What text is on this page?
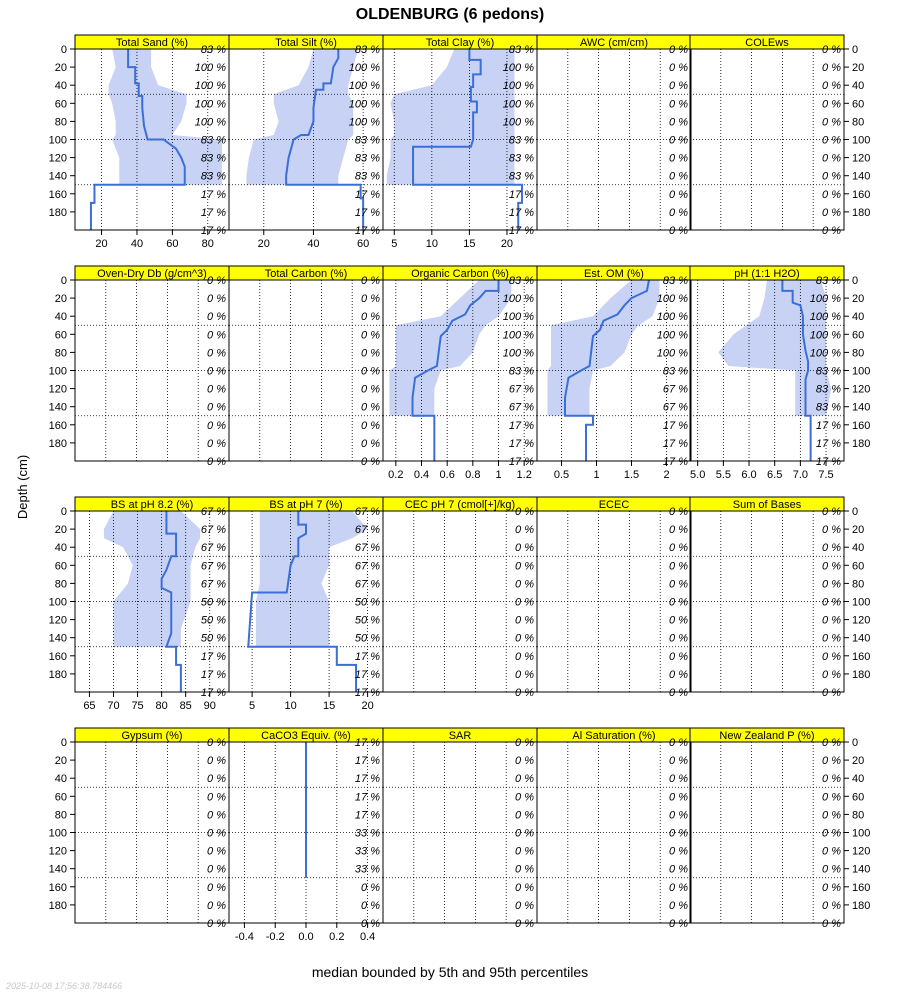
OLDENBURG (6 pedons)
Depth (cm)
Total Sand (%)
83 %
100 %
100 %
100 %
100 %
83 %
83 %
83 %
17 %
17 %
17 %
20 40 60 80
0
20
40
60
80
100
120
140
160
180
Total Silt (%)
83 %
100 %
100 %
100 %
100 %
83 %
83 %
83 %
17 %
17 %
17 %
20	40	60
Total Clay (%)
83 %
100 %
100 %
100 %
100 %
83 %
83 %
83 %
17 %
17 %
17 %
5	10 15 20
AWC (cm/cm)
0 %
0 %
0 %
0 %
0 %
0 %
0 %
0 %
0 %
0 %
0 %
COLEws
0 %
0 %
0 %
0 %
0 %
0 %
0 %
0 %
0 %
0 %
0 %
0
20
40
60
80
100
120
140
160
180
Oven-Dry Db (g/cm^3)
0 %
0 %
0 %
0 %
0 %
0 %
0 %
0 %
0 %
0 %
0 %
0
20
40
60
80
100
120
140
160
180
Total Carbon (%)
0 %
0 %
0 %
0 %
0 %
0 %
0 %
0 %
0 %
0 %
0 %
Organic Carbon (%)
83 %
100 %
100 %
100 %
100 %
83 %
67 %
67 %
17 %
17 %
17 %
0.2 0.4 0.6 0.8 1 1.2
Est. OM (%)
83 %
100 %
100 %
100 %
100 %
83 %
67 %
67 %
17 %
17 %
17 %
0.5 1 1.5 2
pH (1:1 H2O)
83 %
100 %
100 %
100 %
100 %
83 %
83 %
83 %
17 %
17 %
17 %
5.0 5.5 6.0 6.5 7.0 7.5
0
20
40
60
80
100
120
140
160
180
BS at pH 8.2 (%)
67 %
67 %
67 %
67 %
67 %
50 %
50 %
50 %
17 %
17 %
17 %
65 70 75 80 85 90
0
20
40
60
80
100
120
140
160
180
BS at pH 7 (%)
67 %
67 %
67 %
67 %
67 %
50 %
50 %
50 %
17 %
17 %
17 %
5	10 15 20
CEC pH 7 (cmol[+]/kg)
0 %
0 %
0 %
0 %
0 %
0 %
0 %
0 %
0 %
0 %
0 %
ECEC
0 %
0 %
0 %
0 %
0 %
0 %
0 %
0 %
0 %
0 %
0 %
Sum of Bases
0 %
0 %
0 %
0 %
0 %
0 %
0 %
0 %
0 %
0 %
0 %
0
20
40
60
80
100
120
140
160
180
Gypsum (%)
0 %
0 %
0 %
0 %
0 %
0 %
0 %
0 %
0 %
0 %
0 %
0
20
40
60
80
100
120
140
160
180
CaCO3 Equiv. (%)
17 %
17 %
17 %
17 %
17 %
33 %
33 %
33 %
0 %
0 %
0 %
-0.4 -0.2 0.0 0.2 0.4
SAR
0 %
0 %
0 %
0 %
0 %
0 %
0 %
0 %
0 %
0 %
0 %
Al Saturation (%)
0 %
0 %
0 %
0 %
0 %
0 %
0 %
0 %
0 %
0 %
0 %
New Zealand P (%)
0 %
0 %
0 %
0 %
0 %
0 %
0 %
0 %
0 %
0 %
0 %
0
20
40
60
80
100
120
140
160
180
median bounded by 5th and 95th percentiles
2025-10-08 17:56:38.784466
